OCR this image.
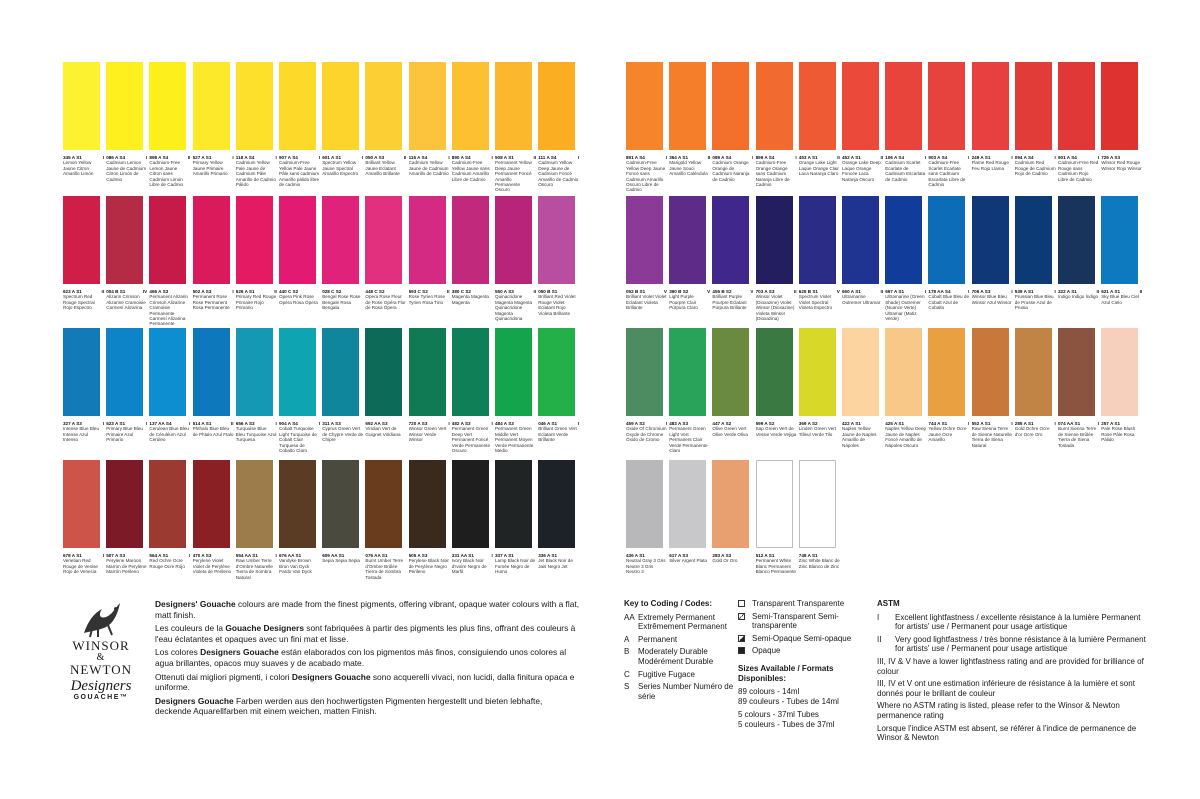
345 A S1	I
Lemon Yellow Jaune Citron Amarillo Limón
086 A S4	I
Cadmium Lemon Jaune de Cadmium Citron Limón de Cadmio
898 A S4	II
Cadmium-Free Lemon Jaune Citron sans Cadmium Limón Libre de Cadmio
527 A S1	I
Primary Yellow Jaune Primaire Amarillo Primario
118 A S4	I
Cadmium Yellow Pale Jaune de Cadmium Pâle Amarillo de Cadmio Pálido
907 A S4	I
Cadmium-Free Yellow Pale Jaune Pâle sans cadmium Amarillo pálido libre de cadmio
601 A S1	I
Spectrum Yellow Jaune Spectral Amarillo Espectro
050 A S3	II
Brilliant Yellow Jaune Eclatant Amarillo Brillante
115 A S4	I
Cadmium Yellow Jaune de Cadmium Amarillo de Cadmio
890 A S4	I
Cadmium-Free Yellow Jaune sans Cadmium Amarillo Libre de Cadmio
508 A S1	II
Permanent Yellow Deep Jaune Permanent Foncé Amarillo Permanente Oscuro
111 A S4	I
Cadmium Yellow Deep Jaune de Cadmium Foncé Amarillo de Cadmio Oscuro
891 A S4	I
Cadmium-Free Yellow Deep Jaune Foncé sans Cadmium Amarillo Oscuro Libre de Cadmio
364 A S1	II
Marigold Yellow Jaune Souci Amarillo Caléndula
089 A S4	I
Cadmium Orange Orange de Cadmium Naranja de Cadmio
899 A S4	I
Cadmium-Free Orange Orange sans Cadmium Naranja Libre de Cadmio
453 A S1	II
Orange Lake Light Laque Orange Clair Laca Naranja Claro
452 A S1	II
Orange Lake Deep Laque Orange Foncée Laca Naranja Oscuro
106 A S4	I
Cadmium Scarlet Ecarlate de Cadmium Escarlata de Cadmio
903 A S4	I
Cadmium-Free Scarlet Ecarlate sans Cadmium Escarlata Libre de Cadmio
249 A S1	I
Flame Red Rouge Feu Rojo Llama
094 A S4	I
Cadmium Red Rouge de Cadmium Rojo de Cadmio
901 A S4	I
Cadmium-Free Red Rouge sans Cadmium Rojo Libre de Cadmio
726 A S3
Winsor Red Rouge Winsor Rojo Winsor
623 A S1	II
Spectrum Red Rouge Spectral Rojo Espectro
004 B S1	IV
Alizarin Crimson Alizarine Cramoisie Carmesí Alizarina
466 A S3
Permanent Alizarin Crimson Alizarine Cramoisie Permanente Carmesí Alizarina Permanente
502 A S3	I
Permanent Rose Rose Permanent Rosa Permanente
526 A S1	II
Primary Red Rouge Primaire Rojo Primario
440 C S2
Opera Pink Rose Opéra Rosa Ópera
028 C S2
Bengal Rose Rose Bengale Rosa Bengala
448 C S2
Opera Rose Fleur de Rose Opéra Flor de Rosa Ópera
593 C S2	II
Rose Tyrien Rose Tyrien Rosa Tirio
380 C S2
Magenta Magenta Magenta
550 A S3	II
Quinacridone Magenta Magenta Quinacridone Magenta Quinacridona
050 B S1
Brilliant Red Violet Rouge Violet Eclatant Rojo Violeta Brillante
052 B S1	V
Brilliant Violet Violet Eclatant Violeta Brillante
360 B S2	V
Light Purple Pourpre Clair Púrpura Claro
455 B S2	V
Brilliant Purple Pourpre Eclatant Púrpura Brillante
703 A S3	II
Winsor Violet (Dioxazine) Violet Winsor (Dioxazine) Violeta Winsor (Dioxazina)
625 B S1	V
Spectrum Violet Violet Spectral Violeta Espectro
660 A S1	II
Ultramarine Outremer Ultramar
667 A S1	I
Ultramarine (Green Shade) Outremer (Nuance Verte) Ultramar (Matiz Verde)
178 AA S4	I
Cobalt Blue Bleu de Cobalt Azul de Cobalto
706 A S3	I
Winsor Blue Bleu Winsor Azul Winsor
539 A S1	I
Prussian Blue Bleu de Prusse Azul de Prusia
322 A S1	II
Indigo Indigo Índigo
621 A S1	II
Sky Blue Bleu Ciel Azul Cielo
327 A S3	I
Intense Blue Bleu Intense Azul Intenso
523 A S1	I
Primary Blue Bleu Primaire Azul Primario
137 AA S4	I
Cerulean Blue Bleu de Céruléum Azul Cerúleo
514 A S1	II
Phthalo Blue Bleu de Phtalo Azul Ftalo
656 A S3	I
Turquoise Blue Bleu Turquoise Azul Turquesa
904 A S4	I
Cobalt Turquoise Light Turquoise de Cobalt Clair Turquesa de Cobalto Claro
311 A S3
Cyprus Green Vert de Chypre Verde de Chipre
692 AA S3
Viridian Vert de Guignet Viridiana
720 A S3	I
Winsor Green Vert Winsor Verde Winsor
482 A S3	I
Permanent Green Deep Vert Permanent Foncé Verde Permanente Oscuro
484 A S3
Permanent Green Middle Vert Permanent Moyen Verde Permanente Medio
046 A S1	I
Brilliant Green Vert Eclatant Verde Brillante
459 A S2	I
Oxide Of Chromium Oxyde de Chrome Óxido de Cromo
483 A S3
Permanent Green Light Vert Permanent Clair Verde Permanente Claro
447 A S2
Olive Green Vert Olive Verde Oliva
599 A S2
Sap Green Vert de Vessie Verde Vejiga
369 A S2
Linden Green Vert Tilleul Verde Tilo
422 A S1
Naples Yellow Jaune de Naples Amarillo de Nápoles
425 A S1
Naples Yellow Deep Jaune de Naples Foncé Amarillo de Nápoles Oscuro
744 A S1	I
Yellow Ochre Ocre Jaune Ocre Amarillo
552 A S1	I
Raw Sienna Terre de Sienne Naturelle Tierra de Siena Natural
285 A S1	I
Gold Ochre Ocre d'or Ocre Oro
074 AA S1	I
Burnt Sienna Terre de Sienne Brûlée Tierra de Siena Tostada
257 A S1
Pale Rose Blush Rose Pâle Rosa Pálido
678 A S1	I
Venetian Red Rouge de Venise Rojo de Venecia
507 A S3
Perylene Maroon Marron de Perylène Marrón Perileno
564 A S1	I
Red Ochre Ocre Rouge Ocre Rojo
470 A S3
Perylene Violet Violet de Perylène Violeta de Perileno
554 AA S1	I
Raw Umber Terre d'Ombre Naturelle Tierra de Sombra Natural
676 AA S1
Vandyke Brown Brun Van Dyck Pardo Van Dyck
609 AA S1
Sepia Sepia Sepia
076 AA S1
Burnt Umber Terre d'Ombre Brûlée Tierra de Sombra Tostada
505 A S3
Perylene Black Noir de Perylène Negro Perileno
331 AA S1	I
Ivory Black Noir d'Ivoire Negro de Marfil
337 A S1
Lamp Black Noir de Fumée Negro de Humo
336 A S1
Jet Black Noir de Jais Negro Jet
436 A S1
Neutral Gray 3 Gris Neutre 3 Gris Neutro 3
617 A S3
Silver Argent Plata
283 A S3
Gold Or Oro
512 A S1
Permanent White Blanc Permanent Blanco Permanente
748 A S1
Zinc White Blanc de Zinc Blanco de Zinc
WINSOR
&
NEWTON
Designers
GOUACHE™

Designers' Gouache colours are made from the finest pigments, offering vibrant, opaque water colours with a flat, matt finish.

Les couleurs de la Gouache Designers sont fabriquées à partir des pigments les plus fins, offrant des couleurs à l'eau éclatantes et opaques avec un fini mat et lisse.

Los colores Designers Gouache están elaborados con los pigmentos más finos, consiguiendo unos colores al agua brillantes, opacos muy suaves y de acabado mate.

Ottenuti dai migliori pigmenti, i colori Designers Gouache sono acquerelli vivaci, non lucidi, dalla finitura opaca e uniforme.

Designers Gouache Farben werden aus den hochwertigsten Pigmenten hergestellt und bieten lebhafte, deckende Aquarellfarben mit einem weichen, matten Finish.

Key to Coding / Codes:
AA Extremely Permanent Extrêmement Permanent
A	Permanent
B	Moderately Durable Modérément Durable
C	Fugitive Fugace
S	Series Number Numéro de série
Transparent Transparente
Semi-Transparent Semi-transparente
Semi-Opaque Semi-opaque
Opaque
Sizes Available / Formats Disponibles:
89 colours - 14ml
89 couleurs - Tubes de 14ml
5 colours - 37ml Tubes
5 couleurs - Tubes de 37ml
ASTM
I	Excellent lightfastness / excellente résistance à la lumière Permanent for artists' use / Permanent pour usage artistique
II	Very good lightfastness / très bonne résistance à la lumière Permanent for artists' use / Permanent pour usage artistique

III, IV & V have a lower lightfastness rating and are provided for brilliance of colour

III, IV et V ont une estimation inférieure de résistance à la lumière et sont donnés pour le brillant de couleur

Where no ASTM rating is listed, please refer to the Winsor & Newton permanence rating

Lorsque l'indice ASTM est absent, se référer à l'indice de permanence de Winsor & Newton
